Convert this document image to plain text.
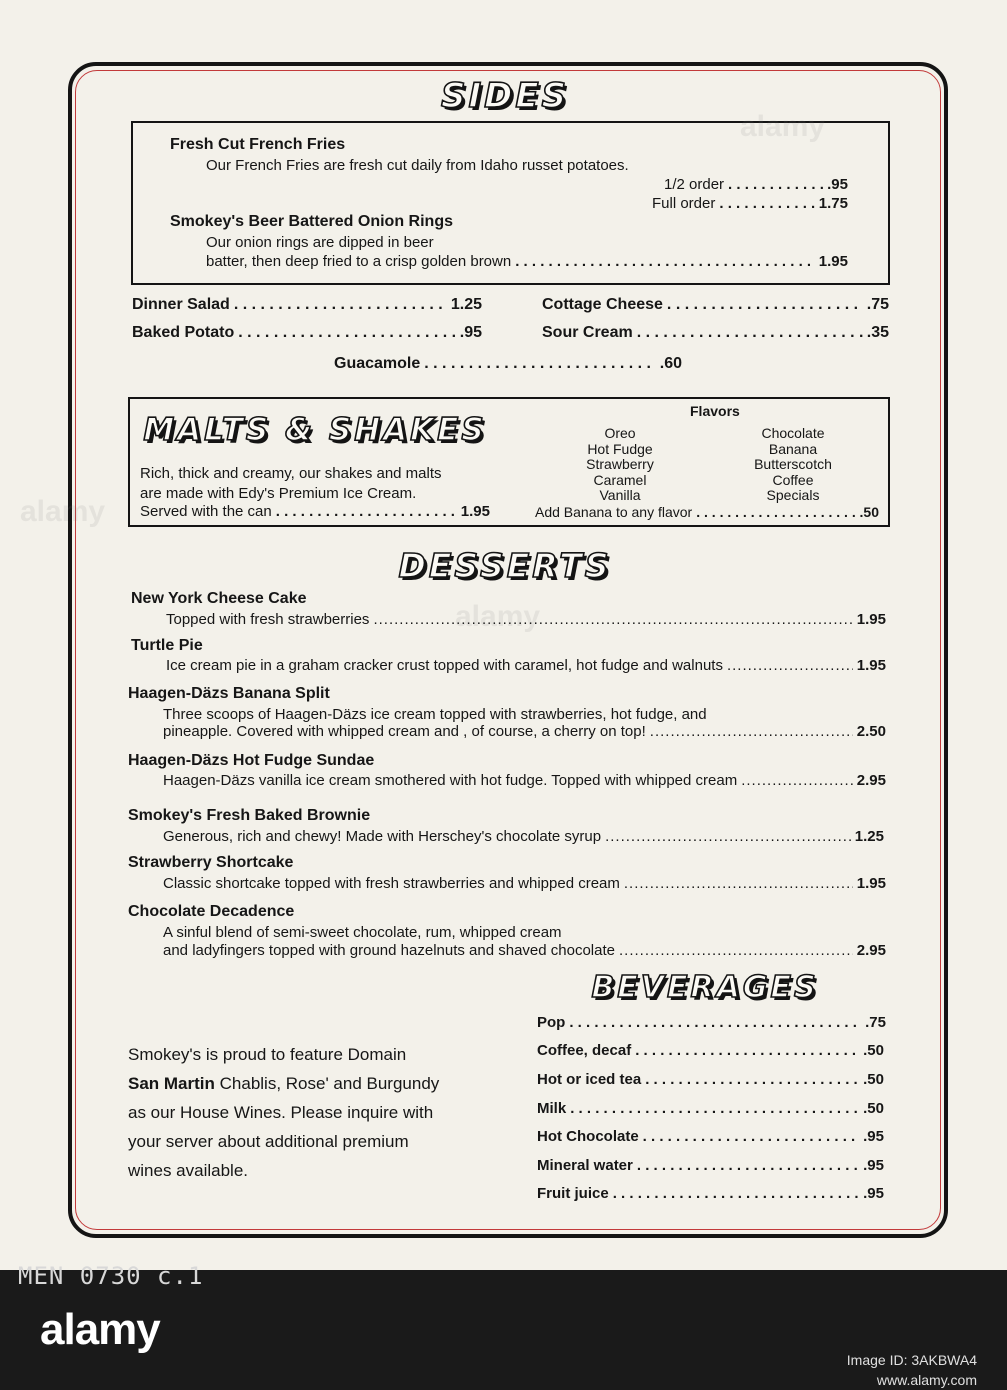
SIDES
Fresh Cut French Fries
Our French Fries are fresh cut daily from Idaho russet potatoes.
1/2 order . . .	.95
Full order . . .	1.75
Smokey's Beer Battered Onion Rings
Our onion rings are dipped in beer
batter, then deep fried to a crisp golden brown . . .	1.95
Dinner Salad . . .	1.25
Baked Potato . . .	.95
Cottage Cheese . . .	.75
Sour Cream . . .	.35
Guacamole . . .	.60
MALTS & SHAKES
Rich, thick and creamy, our shakes and malts
are made with Edy's Premium Ice Cream.
Served with the can . . .	1.95
Flavors
Oreo
Hot Fudge
Strawberry
Caramel
Vanilla
Chocolate
Banana
Butterscotch
Coffee
Specials
Add Banana to any flavor . . .	.50
DESSERTS
New York Cheese Cake
Topped with fresh strawberries .....	1.95
Turtle Pie
Ice cream pie in a graham cracker crust topped with caramel, hot fudge and walnuts .....	1.95
Haagen-Däzs Banana Split
Three scoops of Haagen-Däzs ice cream topped with strawberries, hot fudge, and
pineapple. Covered with whipped cream and , of course, a cherry on top! .....	2.50
Haagen-Däzs Hot Fudge Sundae
Haagen-Däzs vanilla ice cream smothered with hot fudge. Topped with whipped cream .....	2.95
Smokey's Fresh Baked Brownie
Generous, rich and chewy! Made with Herschey's chocolate syrup .....	1.25
Strawberry Shortcake
Classic shortcake topped with fresh strawberries and whipped cream .....	1.95
Chocolate Decadence
A sinful blend of semi-sweet chocolate, rum, whipped cream
and ladyfingers topped with ground hazelnuts and shaved chocolate .....	2.95
BEVERAGES
Pop . . .	.75
Coffee, decaf . . .	.50
Hot or iced tea . . .	.50
Milk . . .	.50
Hot Chocolate . . .	.95
Mineral water . . .	.95
Fruit juice . . .	.95
Smokey's is proud to feature Domain
San Martin Chablis, Rose' and Burgundy
as our House Wines. Please inquire with
your server about additional premium
wines available.
alamy
alamy
alamy
MEN 0730 c.1
alamy
Image ID: 3AKBWA4
www.alamy.com
